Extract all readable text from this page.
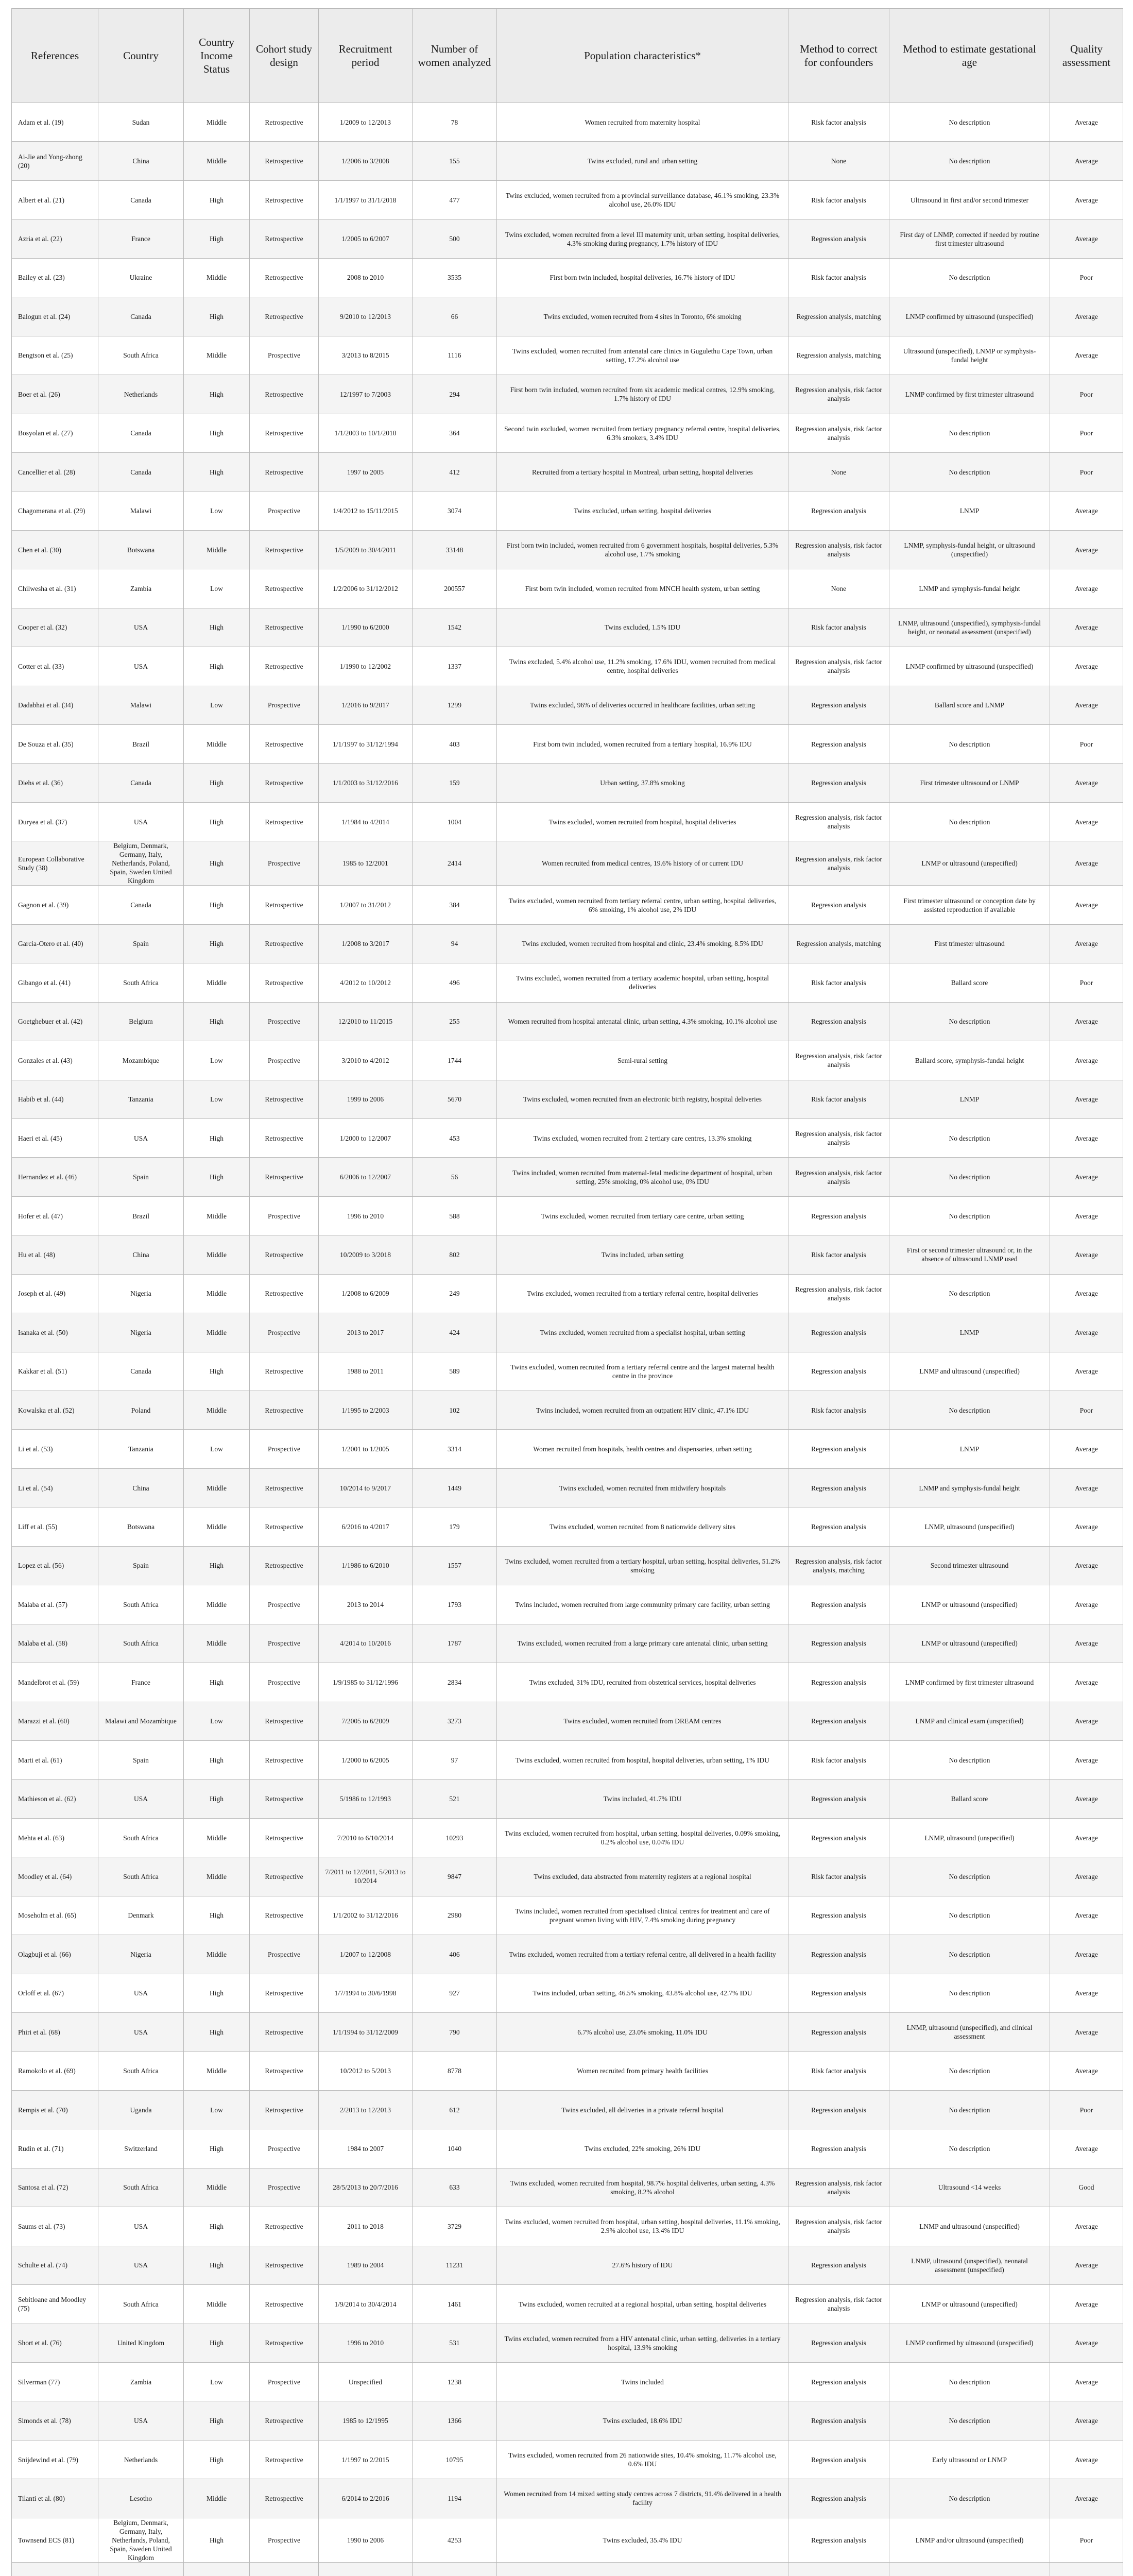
References	Country	Country Income Status	Cohort study design	Recruitment period	Number of women analyzed	Population characteristics*	Method to correct for confounders	Method to estimate gestational age	Quality assessment
Adam et al. (19)	Sudan	Middle	Retrospective	1/2009 to 12/2013	78	Women recruited from maternity hospital	Risk factor analysis	No description	Average
Ai-Jie and Yong-zhong (20)	China	Middle	Retrospective	1/2006 to 3/2008	155	Twins excluded, rural and urban setting	None	No description	Average
Albert et al. (21)	Canada	High	Retrospective	1/1/1997 to 31/1/2018	477	Twins excluded, women recruited from a provincial surveillance database, 46.1% smoking, 23.3% alcohol use, 26.0% IDU	Risk factor analysis	Ultrasound in first and/or second trimester	Average
Azria et al. (22)	France	High	Retrospective	1/2005 to 6/2007	500	Twins excluded, women recruited from a level III maternity unit, urban setting, hospital deliveries, 4.3% smoking during pregnancy, 1.7% history of IDU	Regression analysis	First day of LNMP, corrected if needed by routine first trimester ultrasound	Average
Bailey et al. (23)	Ukraine	Middle	Retrospective	2008 to 2010	3535	First born twin included, hospital deliveries, 16.7% history of IDU	Risk factor analysis	No description	Poor
Balogun et al. (24)	Canada	High	Retrospective	9/2010 to 12/2013	66	Twins excluded, women recruited from 4 sites in Toronto, 6% smoking	Regression analysis, matching	LNMP confirmed by ultrasound (unspecified)	Average
Bengtson et al. (25)	South Africa	Middle	Prospective	3/2013 to 8/2015	1116	Twins excluded, women recruited from antenatal care clinics in Gugulethu Cape Town, urban setting, 17.2% alcohol use	Regression analysis, matching	Ultrasound (unspecified), LNMP or symphysis-fundal height	Average
Boer et al. (26)	Netherlands	High	Retrospective	12/1997 to 7/2003	294	First born twin included, women recruited from six academic medical centres, 12.9% smoking, 1.7% history of IDU	Regression analysis, risk factor analysis	LNMP confirmed by first trimester ultrasound	Poor
Bosyolan et al. (27)	Canada	High	Retrospective	1/1/2003 to 10/1/2010	364	Second twin excluded, women recruited from tertiary pregnancy referral centre, hospital deliveries, 6.3% smokers, 3.4% IDU	Regression analysis, risk factor analysis	No description	Poor
Cancellier et al. (28)	Canada	High	Retrospective	1997 to 2005	412	Recruited from a tertiary hospital in Montreal, urban setting, hospital deliveries	None	No description	Poor
Chagomerana et al. (29)	Malawi	Low	Prospective	1/4/2012 to 15/11/2015	3074	Twins excluded, urban setting, hospital deliveries	Regression analysis	LNMP	Average
Chen et al. (30)	Botswana	Middle	Retrospective	1/5/2009 to 30/4/2011	33148	First born twin included, women recruited from 6 government hospitals, hospital deliveries, 5.3% alcohol use, 1.7% smoking	Regression analysis, risk factor analysis	LNMP, symphysis-fundal height, or ultrasound (unspecified)	Average
Chilwesha et al. (31)	Zambia	Low	Retrospective	1/2/2006 to 31/12/2012	200557	First born twin included, women recruited from MNCH health system, urban setting	None	LNMP and symphysis-fundal height	Average
Cooper et al. (32)	USA	High	Retrospective	1/1990 to 6/2000	1542	Twins excluded, 1.5% IDU	Risk factor analysis	LNMP, ultrasound (unspecified), symphysis-fundal height, or neonatal assessment (unspecified)	Average
Cotter et al. (33)	USA	High	Retrospective	1/1990 to 12/2002	1337	Twins excluded, 5.4% alcohol use, 11.2% smoking, 17.6% IDU, women recruited from medical centre, hospital deliveries	Regression analysis, risk factor analysis	LNMP confirmed by ultrasound (unspecified)	Average
Dadabhai et al. (34)	Malawi	Low	Prospective	1/2016 to 9/2017	1299	Twins excluded, 96% of deliveries occurred in healthcare facilities, urban setting	Regression analysis	Ballard score and LNMP	Average
De Souza et al. (35)	Brazil	Middle	Retrospective	1/1/1997 to 31/12/1994	403	First born twin included, women recruited from a tertiary hospital, 16.9% IDU	Regression analysis	No description	Poor
Diehs et al. (36)	Canada	High	Retrospective	1/1/2003 to 31/12/2016	159	Urban setting, 37.8% smoking	Regression analysis	First trimester ultrasound or LNMP	Average
Duryea et al. (37)	USA	High	Retrospective	1/1984 to 4/2014	1004	Twins excluded, women recruited from hospital, hospital deliveries	Regression analysis, risk factor analysis	No description	Average
European Collaborative Study (38)	Belgium, Denmark, Germany, Italy, Netherlands, Poland, Spain, Sweden United Kingdom	High	Prospective	1985 to 12/2001	2414	Women recruited from medical centres, 19.6% history of or current IDU	Regression analysis, risk factor analysis	LNMP or ultrasound (unspecified)	Average
Gagnon et al. (39)	Canada	High	Retrospective	1/2007 to 31/2012	384	Twins excluded, women recruited from tertiary referral centre, urban setting, hospital deliveries, 6% smoking, 1% alcohol use, 2% IDU	Regression analysis	First trimester ultrasound or conception date by assisted reproduction if available	Average
Garcia-Otero et al. (40)	Spain	High	Retrospective	1/2008 to 3/2017	94	Twins excluded, women recruited from hospital and clinic, 23.4% smoking, 8.5% IDU	Regression analysis, matching	First trimester ultrasound	Average
Gibango et al. (41)	South Africa	Middle	Retrospective	4/2012 to 10/2012	496	Twins excluded, women recruited from a tertiary academic hospital, urban setting, hospital deliveries	Risk factor analysis	Ballard score	Poor
Goetghebuer et al. (42)	Belgium	High	Prospective	12/2010 to 11/2015	255	Women recruited from hospital antenatal clinic, urban setting, 4.3% smoking, 10.1% alcohol use	Regression analysis	No description	Average
Gonzales et al. (43)	Mozambique	Low	Prospective	3/2010 to 4/2012	1744	Semi-rural setting	Regression analysis, risk factor analysis	Ballard score, symphysis-fundal height	Average
Habib et al. (44)	Tanzania	Low	Retrospective	1999 to 2006	5670	Twins excluded, women recruited from an electronic birth registry, hospital deliveries	Risk factor analysis	LNMP	Average
Haeri et al. (45)	USA	High	Retrospective	1/2000 to 12/2007	453	Twins excluded, women recruited from 2 tertiary care centres, 13.3% smoking	Regression analysis, risk factor analysis	No description	Average
Hernandez et al. (46)	Spain	High	Retrospective	6/2006 to 12/2007	56	Twins included, women recruited from maternal-fetal medicine department of hospital, urban setting, 25% smoking, 0% alcohol use, 0% IDU	Regression analysis, risk factor analysis	No description	Average
Hofer et al. (47)	Brazil	Middle	Prospective	1996 to 2010	588	Twins excluded, women recruited from tertiary care centre, urban setting	Regression analysis	No description	Average
Hu et al. (48)	China	Middle	Retrospective	10/2009 to 3/2018	802	Twins included, urban setting	Risk factor analysis	First or second trimester ultrasound or, in the absence of ultrasound LNMP used	Average
Joseph et al. (49)	Nigeria	Middle	Retrospective	1/2008 to 6/2009	249	Twins excluded, women recruited from a tertiary referral centre, hospital deliveries	Regression analysis, risk factor analysis	No description	Average
Isanaka et al. (50)	Nigeria	Middle	Prospective	2013 to 2017	424	Twins excluded, women recruited from a specialist hospital, urban setting	Regression analysis	LNMP	Average
Kakkar et al. (51)	Canada	High	Retrospective	1988 to 2011	589	Twins excluded, women recruited from a tertiary referral centre and the largest maternal health centre in the province	Regression analysis	LNMP and ultrasound (unspecified)	Average
Kowalska et al. (52)	Poland	Middle	Retrospective	1/1995 to 2/2003	102	Twins included, women recruited from an outpatient HIV clinic, 47.1% IDU	Risk factor analysis	No description	Poor
Li et al. (53)	Tanzania	Low	Prospective	1/2001 to 1/2005	3314	Women recruited from hospitals, health centres and dispensaries, urban setting	Regression analysis	LNMP	Average
Li et al. (54)	China	Middle	Retrospective	10/2014 to 9/2017	1449	Twins excluded, women recruited from midwifery hospitals	Regression analysis	LNMP and symphysis-fundal height	Average
Liff et al. (55)	Botswana	Middle	Retrospective	6/2016 to 4/2017	179	Twins excluded, women recruited from 8 nationwide delivery sites	Regression analysis	LNMP, ultrasound (unspecified)	Average
Lopez et al. (56)	Spain	High	Retrospective	1/1986 to 6/2010	1557	Twins excluded, women recruited from a tertiary hospital, urban setting, hospital deliveries, 51.2% smoking	Regression analysis, risk factor analysis, matching	Second trimester ultrasound	Average
Malaba et al. (57)	South Africa	Middle	Prospective	2013 to 2014	1793	Twins included, women recruited from large community primary care facility, urban setting	Regression analysis	LNMP or ultrasound (unspecified)	Average
Malaba et al. (58)	South Africa	Middle	Prospective	4/2014 to 10/2016	1787	Twins excluded, women recruited from a large primary care antenatal clinic, urban setting	Regression analysis	LNMP or ultrasound (unspecified)	Average
Mandelbrot et al. (59)	France	High	Prospective	1/9/1985 to 31/12/1996	2834	Twins excluded, 31% IDU, recruited from obstetrical services, hospital deliveries	Regression analysis	LNMP confirmed by first trimester ultrasound	Average
Marazzi et al. (60)	Malawi and Mozambique	Low	Retrospective	7/2005 to 6/2009	3273	Twins excluded, women recruited from DREAM centres	Regression analysis	LNMP and clinical exam (unspecified)	Average
Marti et al. (61)	Spain	High	Retrospective	1/2000 to 6/2005	97	Twins excluded, women recruited from hospital, hospital deliveries, urban setting, 1% IDU	Risk factor analysis	No description	Average
Mathieson et al. (62)	USA	High	Retrospective	5/1986 to 12/1993	521	Twins included, 41.7% IDU	Regression analysis	Ballard score	Average
Mehta et al. (63)	South Africa	Middle	Retrospective	7/2010 to 6/10/2014	10293	Twins excluded, women recruited from hospital, urban setting, hospital deliveries, 0.09% smoking, 0.2% alcohol use, 0.04% IDU	Regression analysis	LNMP, ultrasound (unspecified)	Average
Moodley et al. (64)	South Africa	Middle	Retrospective	7/2011 to 12/2011, 5/2013 to 10/2014	9847	Twins excluded, data abstracted from maternity registers at a regional hospital	Risk factor analysis	No description	Average
Moseholm et al. (65)	Denmark	High	Retrospective	1/1/2002 to 31/12/2016	2980	Twins included, women recruited from specialised clinical centres for treatment and care of pregnant women living with HIV, 7.4% smoking during pregnancy	Regression analysis	No description	Average
Olagbuji et al. (66)	Nigeria	Middle	Prospective	1/2007 to 12/2008	406	Twins excluded, women recruited from a tertiary referral centre, all delivered in a health facility	Regression analysis	No description	Average
Orloff et al. (67)	USA	High	Retrospective	1/7/1994 to 30/6/1998	927	Twins included, urban setting, 46.5% smoking, 43.8% alcohol use, 42.7% IDU	Regression analysis	No description	Average
Phiri et al. (68)	USA	High	Retrospective	1/1/1994 to 31/12/2009	790	6.7% alcohol use, 23.0% smoking, 11.0% IDU	Regression analysis	LNMP, ultrasound (unspecified), and clinical assessment	Average
Ramokolo et al. (69)	South Africa	Middle	Retrospective	10/2012 to 5/2013	8778	Women recruited from primary health facilities	Risk factor analysis	No description	Average
Rempis et al. (70)	Uganda	Low	Retrospective	2/2013 to 12/2013	612	Twins excluded, all deliveries in a private referral hospital	Regression analysis	No description	Poor
Rudin et al. (71)	Switzerland	High	Prospective	1984 to 2007	1040	Twins excluded, 22% smoking, 26% IDU	Regression analysis	No description	Average
Santosa et al. (72)	South Africa	Middle	Prospective	28/5/2013 to 20/7/2016	633	Twins excluded, women recruited from hospital, 98.7% hospital deliveries, urban setting, 4.3% smoking, 8.2% alcohol	Regression analysis, risk factor analysis	Ultrasound <14 weeks	Good
Saums et al. (73)	USA	High	Retrospective	2011 to 2018	3729	Twins excluded, women recruited from hospital, urban setting, hospital deliveries, 11.1% smoking, 2.9% alcohol use, 13.4% IDU	Regression analysis, risk factor analysis	LNMP and ultrasound (unspecified)	Average
Schulte et al. (74)	USA	High	Retrospective	1989 to 2004	11231	27.6% history of IDU	Regression analysis	LNMP, ultrasound (unspecified), neonatal assessment (unspecified)	Average
Sebitloane and Moodley (75)	South Africa	Middle	Retrospective	1/9/2014 to 30/4/2014	1461	Twins excluded, women recruited at a regional hospital, urban setting, hospital deliveries	Regression analysis, risk factor analysis	LNMP or ultrasound (unspecified)	Average
Short et al. (76)	United Kingdom	High	Retrospective	1996 to 2010	531	Twins excluded, women recruited from a HIV antenatal clinic, urban setting, deliveries in a tertiary hospital, 13.9% smoking	Regression analysis	LNMP confirmed by ultrasound (unspecified)	Average
Silverman (77)	Zambia	Low	Prospective	Unspecified	1238	Twins included	Regression analysis	No description	Average
Simonds et al. (78)	USA	High	Retrospective	1985 to 12/1995	1366	Twins excluded, 18.6% IDU	Regression analysis	No description	Average
Snijdewind et al. (79)	Netherlands	High	Retrospective	1/1997 to 2/2015	10795	Twins excluded, women recruited from 26 nationwide sites, 10.4% smoking, 11.7% alcohol use, 0.6% IDU	Regression analysis	Early ultrasound or LNMP	Average
Tilanti et al. (80)	Lesotho	Middle	Retrospective	6/2014 to 2/2016	1194	Women recruited from 14 mixed setting study centres across 7 districts, 91.4% delivered in a health facility	Regression analysis	No description	Average
Townsend ECS (81)	Belgium, Denmark, Germany, Italy, Netherlands, Poland, Spain, Sweden United Kingdom	High	Prospective	1990 to 2006	4253	Twins excluded, 35.4% IDU	Regression analysis	LNMP and/or ultrasound (unspecified)	Poor
